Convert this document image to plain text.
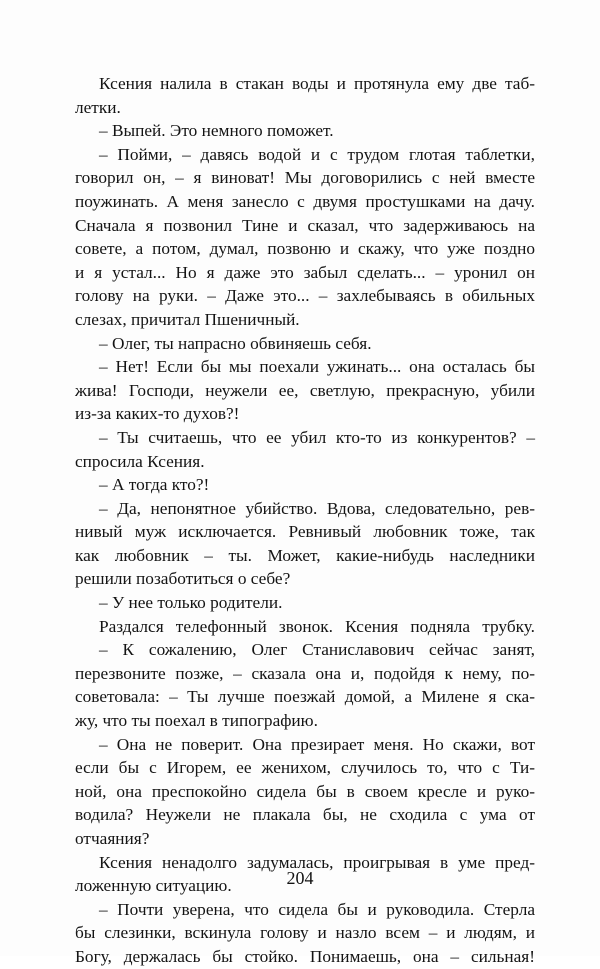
Ксения налила в стакан воды и протянула ему две таб-
летки.
– Выпей. Это немного поможет.
– Пойми, – давясь водой и с трудом глотая таблетки,
говорил он, – я виноват! Мы договорились с ней вместе
поужинать. А меня занесло с двумя простушками на дачу.
Сначала я позвонил Тине и сказал, что задерживаюсь на
совете, а потом, думал, позвоню и скажу, что уже поздно
и я устал... Но я даже это забыл сделать... – уронил он
голову на руки. – Даже это... – захлебываясь в обильных
слезах, причитал Пшеничный.
– Олег, ты напрасно обвиняешь себя.
– Нет! Если бы мы поехали ужинать... она осталась бы
жива! Господи, неужели ее, светлую, прекрасную, убили
из-за каких-то духов?!
– Ты считаешь, что ее убил кто-то из конкурентов? –
спросила Ксения.
– А тогда кто?!
– Да, непонятное убийство. Вдова, следовательно, рев-
нивый муж исключается. Ревнивый любовник тоже, так
как любовник – ты. Может, какие-нибудь наследники
решили позаботиться о себе?
– У нее только родители.
Раздался телефонный звонок. Ксения подняла трубку.
– К сожалению, Олег Станиславович сейчас занят,
перезвоните позже, – сказала она и, подойдя к нему, по-
советовала: – Ты лучше поезжай домой, а Милене я ска-
жу, что ты поехал в типографию.
– Она не поверит. Она презирает меня. Но скажи, вот
если бы с Игорем, ее женихом, случилось то, что с Ти-
ной, она преспокойно сидела бы в своем кресле и руко-
водила? Неужели не плакала бы, не сходила с ума от
отчаяния?
Ксения ненадолго задумалась, проигрывая в уме пред-
ложенную ситуацию.
– Почти уверена, что сидела бы и руководила. Стерла
бы слезинки, вскинула голову и назло всем – и людям, и
Богу, держалась бы стойко. Понимаешь, она – сильная!
204
